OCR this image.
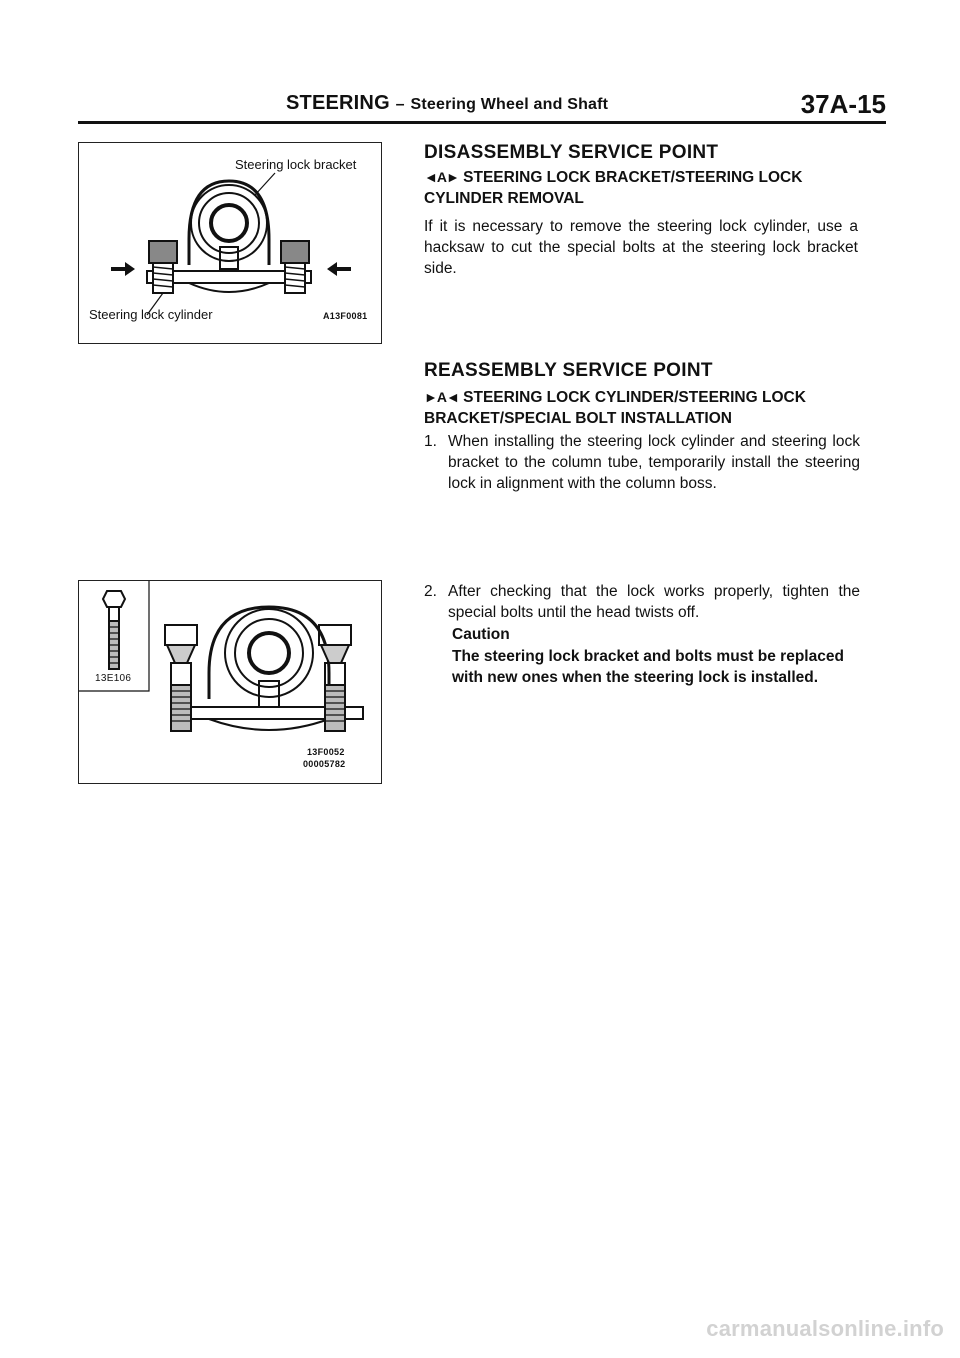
STEERING – Steering Wheel and Shaft	37A-15
Steering lock bracket
Steering lock cylinder	A13F0081
13E106
13F0052
00005782
DISASSEMBLY SERVICE POINT
◄A► STEERING LOCK BRACKET/STEERING LOCK CYLINDER REMOVAL
If it is necessary to remove the steering lock cylinder, use a hacksaw to cut the special bolts at the steering lock bracket side.
REASSEMBLY SERVICE POINT
►A◄ STEERING LOCK CYLINDER/STEERING LOCK BRACKET/SPECIAL BOLT INSTALLATION
1. When installing the steering lock cylinder and steering lock bracket to the column tube, temporarily install the steering lock in alignment with the column boss.
2. After checking that the lock works properly, tighten the special bolts until the head twists off.
Caution
The steering lock bracket and bolts must be replaced with new ones when the steering lock is installed.
carmanualsonline.info
